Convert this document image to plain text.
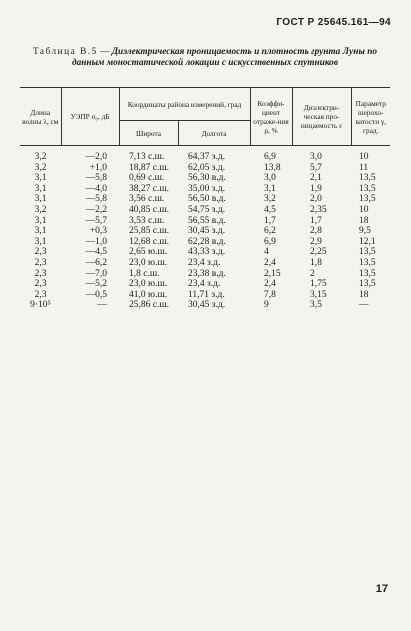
ГОСТ Р 25645.161—94
Таблица В.5 — Диэлектрическая проницаемость и плотность грунта Луны по данным моностатической локации с искусственных спутников
Длина волны λ, см	УЭПР σ₀, дБ	Координаты района измерений, град		Коэффи-циент отраже-ния ρ, %	Диэлектри-ческая про-ницаемость ε	Параметр шерохо-ватости γ, град.
		Широта	Долгота			
3,2	—2,0	7,13 с.ш.	64,37 з.д.	6,9	3,0	10
3,2	+1,0	18,87 с.ш.	62,05 з.д.	13,8	5,7	11
3,1	—5,8	0,69 с.ш.	56,30 в.д.	3,0	2,1	13,5
3,1	—4,0	38,27 с.ш.	35,00 з.д.	3,1	1,9	13,5
3,1	—5,8	3,56 с.ш.	56,50 в.д.	3,2	2,0	13,5
3,2	—2,2	40,85 с.ш.	54,75 з.д.	4,5	2,35	10
3,1	—5,7	3,53 с.ш.	56,55 в.д.	1,7	1,7	18
3,1	+0,3	25,85 с.ш.	30,45 з.д.	6,2	2,8	9,5
3,1	—1,0	12,68 с.ш.	62,28 в.д.	6,9	2,9	12,1
2,3	—4,5	2,65 ю.ш.	43,33 з.д.	4	2,25	13,5
2,3	—6,2	23,0 ю.ш.	23,4 з.д.	2,4	1,8	13,5
2,3	—7,0	1,8 с.ш.	23,38 в.д.	2,15	2	13,5
2,3	—5,2	23,0 ю.ш.	23,4 з.д.	2,4	1,75	13,5
2,3	—0,5	41,0 ю.ш.	11,71 з.д.	7,8	3,15	18
9·10⁵	—	25,86 с.ш.	30,45 з.д.	9	3,5	—
17
